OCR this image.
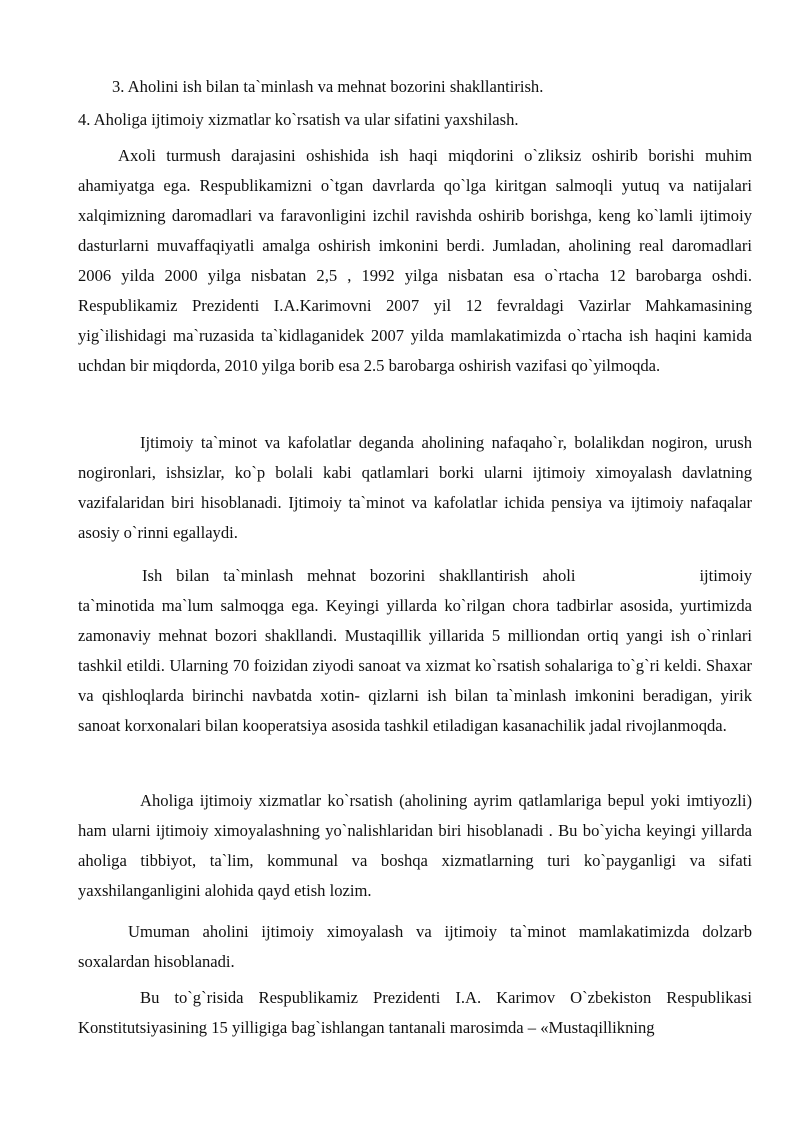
3. Aholini ish bilan ta`minlash va mehnat bozorini shakllantirish.

4. Aholiga ijtimoiy xizmatlar ko`rsatish va ular sifatini yaxshilash.

Axoli turmush darajasini oshishida ish haqi miqdorini o`zliksiz oshirib borishi muhim ahamiyatga ega. Respublikamizni o`tgan davrlarda qo`lga kiritgan salmoqli yutuq va natijalari xalqimizning daromadlari va faravonligini izchil ravishda oshirib borishga, keng ko`lamli ijtimoiy dasturlarni muvaffaqiyatli amalga oshirish imkonini berdi. Jumladan, aholining real daromadlari 2006 yilda 2000 yilga nisbatan 2,5 , 1992 yilga nisbatan esa o`rtacha 12 barobarga oshdi. Respublikamiz Prezidenti I.A.Karimovni 2007 yil 12 fevraldagi Vazirlar Mahkamasining yig`ilishidagi ma`ruzasida ta`kidlaganidek 2007 yilda mamlakatimizda o`rtacha ish haqini kamida uchdan bir miqdorda, 2010 yilga borib esa 2.5 barobarga oshirish vazifasi qo`yilmoqda.

Ijtimoiy ta`minot va kafolatlar deganda aholining nafaqaho`r, bolalikdan nogiron, urush nogironlari, ishsizlar, ko`p bolali kabi qatlamlari borki ularni ijtimoiy ximoyalash davlatning vazifalaridan biri hisoblanadi. Ijtimoiy ta`minot va kafolatlar ichida pensiya va ijtimoiy nafaqalar asosiy o`rinni egallaydi.

Ish bilan ta`minlash mehnat bozorini shakllantirish aholi	ijtimoiy ta`minotida ma`lum salmoqga ega. Keyingi yillarda ko`rilgan chora tadbirlar asosida, yurtimizda zamonaviy mehnat bozori shakllandi. Mustaqillik yillarida 5 milliondan ortiq yangi ish o`rinlari tashkil etildi. Ularning 70 foizidan ziyodi sanoat va xizmat ko`rsatish sohalariga to`g`ri keldi. Shaxar va qishloqlarda birinchi navbatda xotin- qizlarni ish bilan ta`minlash imkonini beradigan, yirik sanoat korxonalari bilan kooperatsiya asosida tashkil etiladigan kasanachilik jadal rivojlanmoqda.

Aholiga ijtimoiy xizmatlar ko`rsatish (aholining ayrim qatlamlariga bepul yoki imtiyozli) ham ularni ijtimoiy ximoyalashning yo`nalishlaridan biri hisoblanadi . Bu bo`yicha keyingi yillarda aholiga tibbiyot, ta`lim, kommunal va boshqa xizmatlarning turi ko`payganligi va sifati yaxshilanganligini alohida qayd etish lozim.

Umuman aholini ijtimoiy ximoyalash va ijtimoiy ta`minot mamlakatimizda dolzarb soxalardan hisoblanadi.

Bu to`g`risida Respublikamiz Prezidenti I.A. Karimov O`zbekiston Respublikasi Konstitutsiyasining 15 yilligiga bag`ishlangan tantanali marosimda – «Mustaqillikning
